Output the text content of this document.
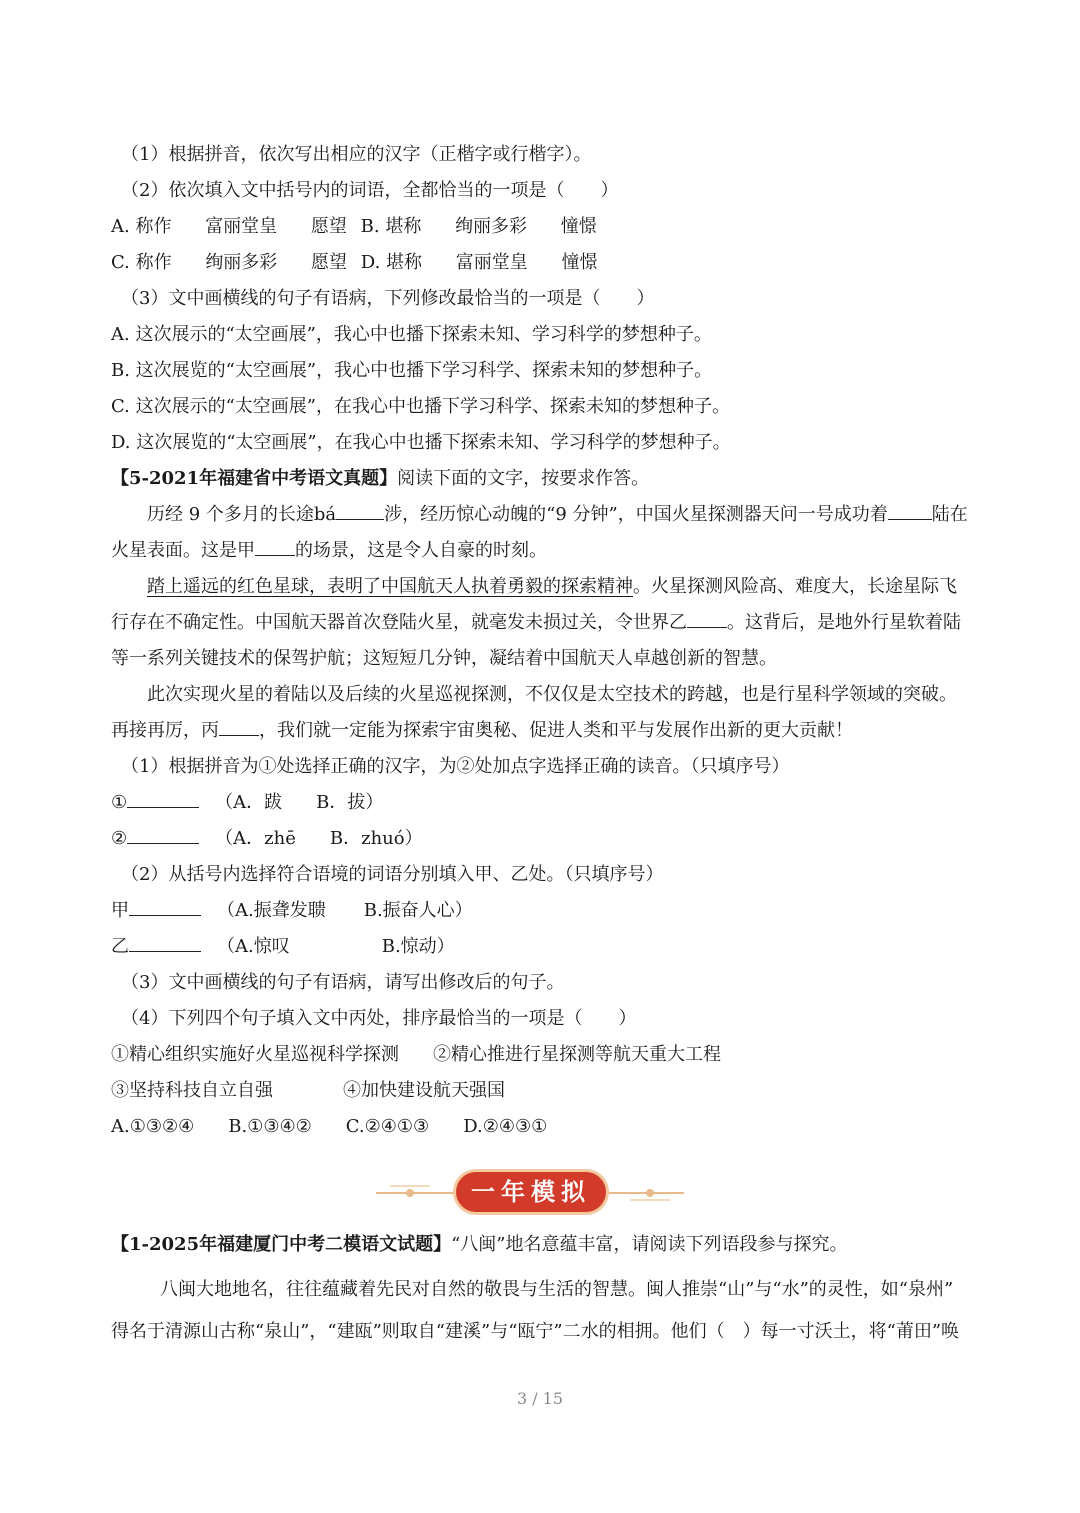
（1）根据拼音，依次写出相应的汉字（正楷字或行楷字）。
（2）依次填入文中括号内的词语，全都恰当的一项是（　　）
A. 称作 富丽堂皇 愿望 B. 堪称 绚丽多彩 憧憬
C. 称作 绚丽多彩 愿望 D. 堪称 富丽堂皇 憧憬
（3）文中画横线的句子有语病，下列修改最恰当的一项是（　　）
A. 这次展示的“太空画展”，我心中也播下探索未知、学习科学的梦想种子。
B. 这次展览的“太空画展”，我心中也播下学习科学、探索未知的梦想种子。
C. 这次展示的“太空画展”，在我心中也播下学习科学、探索未知的梦想种子。
D. 这次展览的“太空画展”，在我心中也播下探索未知、学习科学的梦想种子。
【5-2021年福建省中考语文真题】阅读下面的文字，按要求作答。
历经 9 个多月的长途bá	涉，经历惊心动魄的“9 分钟”，中国火星探测器天问一号成功着 陆在
火星表面。这是甲 的场景，这是令人自豪的时刻。
踏上遥远的红色星球，表明了中国航天人执着勇毅的探索精神。火星探测风险高、难度大，长途星际飞
行存在不确定性。中国航天器首次登陆火星，就毫发未损过关，令世界乙 。这背后，是地外行星软着陆
等一系列关键技术的保驾护航；这短短几分钟，凝结着中国航天人卓越创新的智慧。
此次实现火星的着陆以及后续的火星巡视探测，不仅仅是太空技术的跨越，也是行星科学领域的突破。
再接再厉，丙 ，我们就一定能为探索宇宙奥秘、促进人类和平与发展作出新的更大贡献！
（1）根据拼音为①处选择正确的汉字，为②处加点字选择正确的读音。（只填序号）
①	（A．跋 B．拔）
②	（A．zhē B．zhuó）
（2）从括号内选择符合语境的词语分别填入甲、乙处。（只填序号）
甲	（A.振聋发聩 B.振奋人心）
乙	（A.惊叹	B.惊动）
（3）文中画横线的句子有语病，请写出修改后的句子。
（4）下列四个句子填入文中丙处，排序最恰当的一项是（　　）
①精心组织实施好火星巡视科学探测 ②精心推进行星探测等航天重大工程
③坚持科技自立自强	④加快建设航天强国
A.①③②④ B.①③④② C.②④①③ D.②④③①
一年模拟
【1-2025年福建厦门中考二模语文试题】“八闽”地名意蕴丰富，请阅读下列语段参与探究。
八闽大地地名，往往蕴藏着先民对自然的敬畏与生活的智慧。闽人推崇“山”与“水”的灵性，如“泉州”
得名于清源山古称“泉山”，“建瓯”则取自“建溪”与“瓯宁”二水的相拥。他们（　）每一寸沃土，将“莆田”唤
3 / 15
